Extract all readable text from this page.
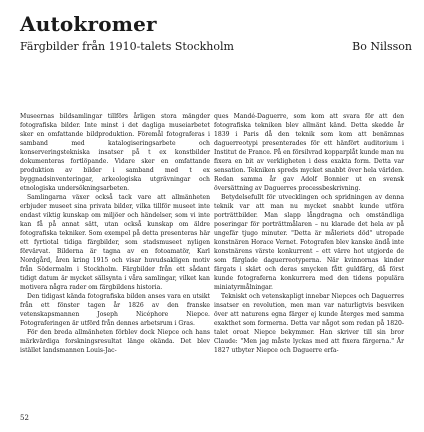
Autokromer
Färgbilder från 1910-talets Stockholm	Bo Nilsson

Museernas bildsamlingar tillförs årligen stora mängder fotografiska bilder. Inte minst i det dagliga museiarbetet sker en omfattande bildproduktion. Föremål fotograferas i samband med katalogiseringsarbete och konserveringstekniska insatser på t ex konstbilder dokumenteras fortlöpande. Vidare sker en omfattande produktion av bilder i samband med t ex byggnadsinventeringar, arkeologiska utgrävningar och etnologiska undersökningsarbeten.

Samlingarna växer också tack vare att allmänheten erbjuder museet sina privata bilder, vilka tillför museet inte endast viktig kunskap om miljöer och händelser, som vi inte kan få på annat sätt, utan också kunskap om äldre fotografiska tekniker. Som exempel på detta presenteras här ett fyrtiotal tidiga färgbilder, som stadsmuseet nyligen förvärvat. Bilderna är tagna av en fotoamatör, Karl Nordgård, åren kring 1915 och visar huvudsakligen motiv från Södermalm i Stockholm. Färgbilder från ett sådant tidigt datum är mycket sällsynta i våra samlingar, vilket kan motivera några rader om färgbildens historia.

Den tidigast kända fotografiska bilden anses vara en utsikt från ett fönster tagen år 1826 av den franske vetenskapsmannen Joseph Nicéphore Niepce. Fotograferingen är utförd från dennes arbetsrum i Gras.

För den breda allmänheten förblev dock Niepce och hans märkvärdiga forskningsresultat länge okända. Det blev istället landsmannen Louis-Jac-

ques Mandé-Daguerre, som kom att svara för att den fotografiska tekniken blev allmänt känd. Detta skedde år 1839 i Paris då den teknik som kom att benämnas daguerreotypi presenterades för ett hänfört auditorium i Institut de France. På en försilvrad kopparplåt kunde man nu fixera en bit av verkligheten i dess exakta form. Detta var sensation. Tekniken spreds mycket snabbt över hela världen. Redan samma år gav Adolf Bonnier ut en svensk översättning av Daguerres processbeskrivning.

Betydelsefullt för utvecklingen och spridningen av denna teknik var att man nu mycket snabbt kunde utföra porträttbilder. Man slapp långdragna och omständliga poseringar för porträttmålaren – nu klarade det hela av på ungefär tjugo minuter. "Detta är måleriets död" utropade konstnären Horace Vernet. Fotografen blev kanske ändå inte konstnärens värste konkurrent – ett värre hot utgjorde de som färglade daguerreotyperna. När kvinnornas kinder färgats i skärt och deras smycken fått guldfärg, då först kunde fotograferna konkurrera med den tidens populära miniatyrmålningar.

Tekniskt och vetenskapligt innebar Niepces och Daguerres insatser en revolution, men man var naturligtvis besviken över att naturens egna färger ej kunde återges med samma exakthet som formerna. Detta var något som redan på 1820-talet oroat Niepce bekymmer. Han skriver till sin bror Claude: "Men jag måste lyckas med att fixera färgerna." År 1827 utbyter Niepce och Daguerre erfa-

52
